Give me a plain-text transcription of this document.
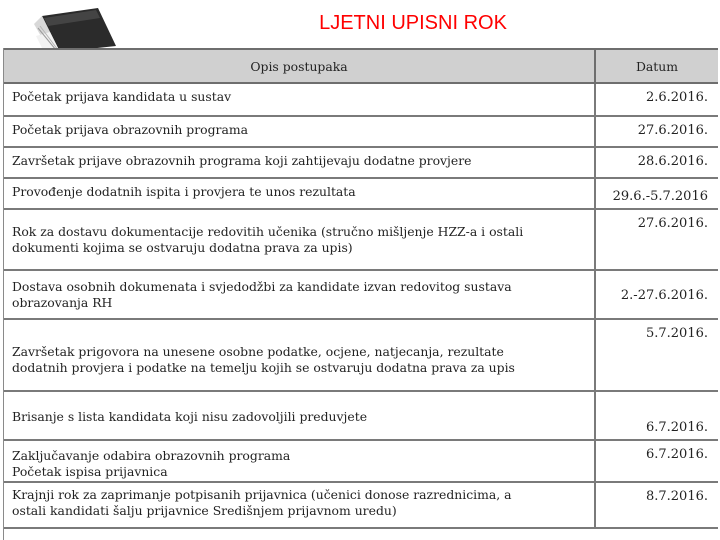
LJETNI UPISNI ROK
Opis postupaka	Datum

Početak prijava kandidata u sustav	2.6.2016.

Početak prijava obrazovnih programa	27.6.2016.

Završetak prijave obrazovnih programa koji zahtijevaju dodatne provjere	28.6.2016.

Provođenje dodatnih ispita i provjera te unos rezultata	29.6.-5.7.2016

Rok za dostavu dokumentacije redovitih učenika (stručno mišljenje HZZ-a i ostali
dokumenti kojima se ostvaruju dodatna prava za upis)	27.6.2016.

Dostava osobnih dokumenata i svjedodžbi za kandidate izvan redovitog sustava
obrazovanja RH	2.-27.6.2016.

Završetak prigovora na unesene osobne podatke, ocjene, natjecanja, rezultate
dodatnih provjera i podatke na temelju kojih se ostvaruju dodatna prava za upis	5.7.2016.

Brisanje s lista kandidata koji nisu zadovoljili preduvjete	6.7.2016.

Zaključavanje odabira obrazovnih programa
Početak ispisa prijavnica	6.7.2016.

Krajnji rok za zaprimanje potpisanih prijavnica (učenici donose razrednicima, a
ostali kandidati šalju prijavnice Središnjem prijavnom uredu)	8.7.2016.
